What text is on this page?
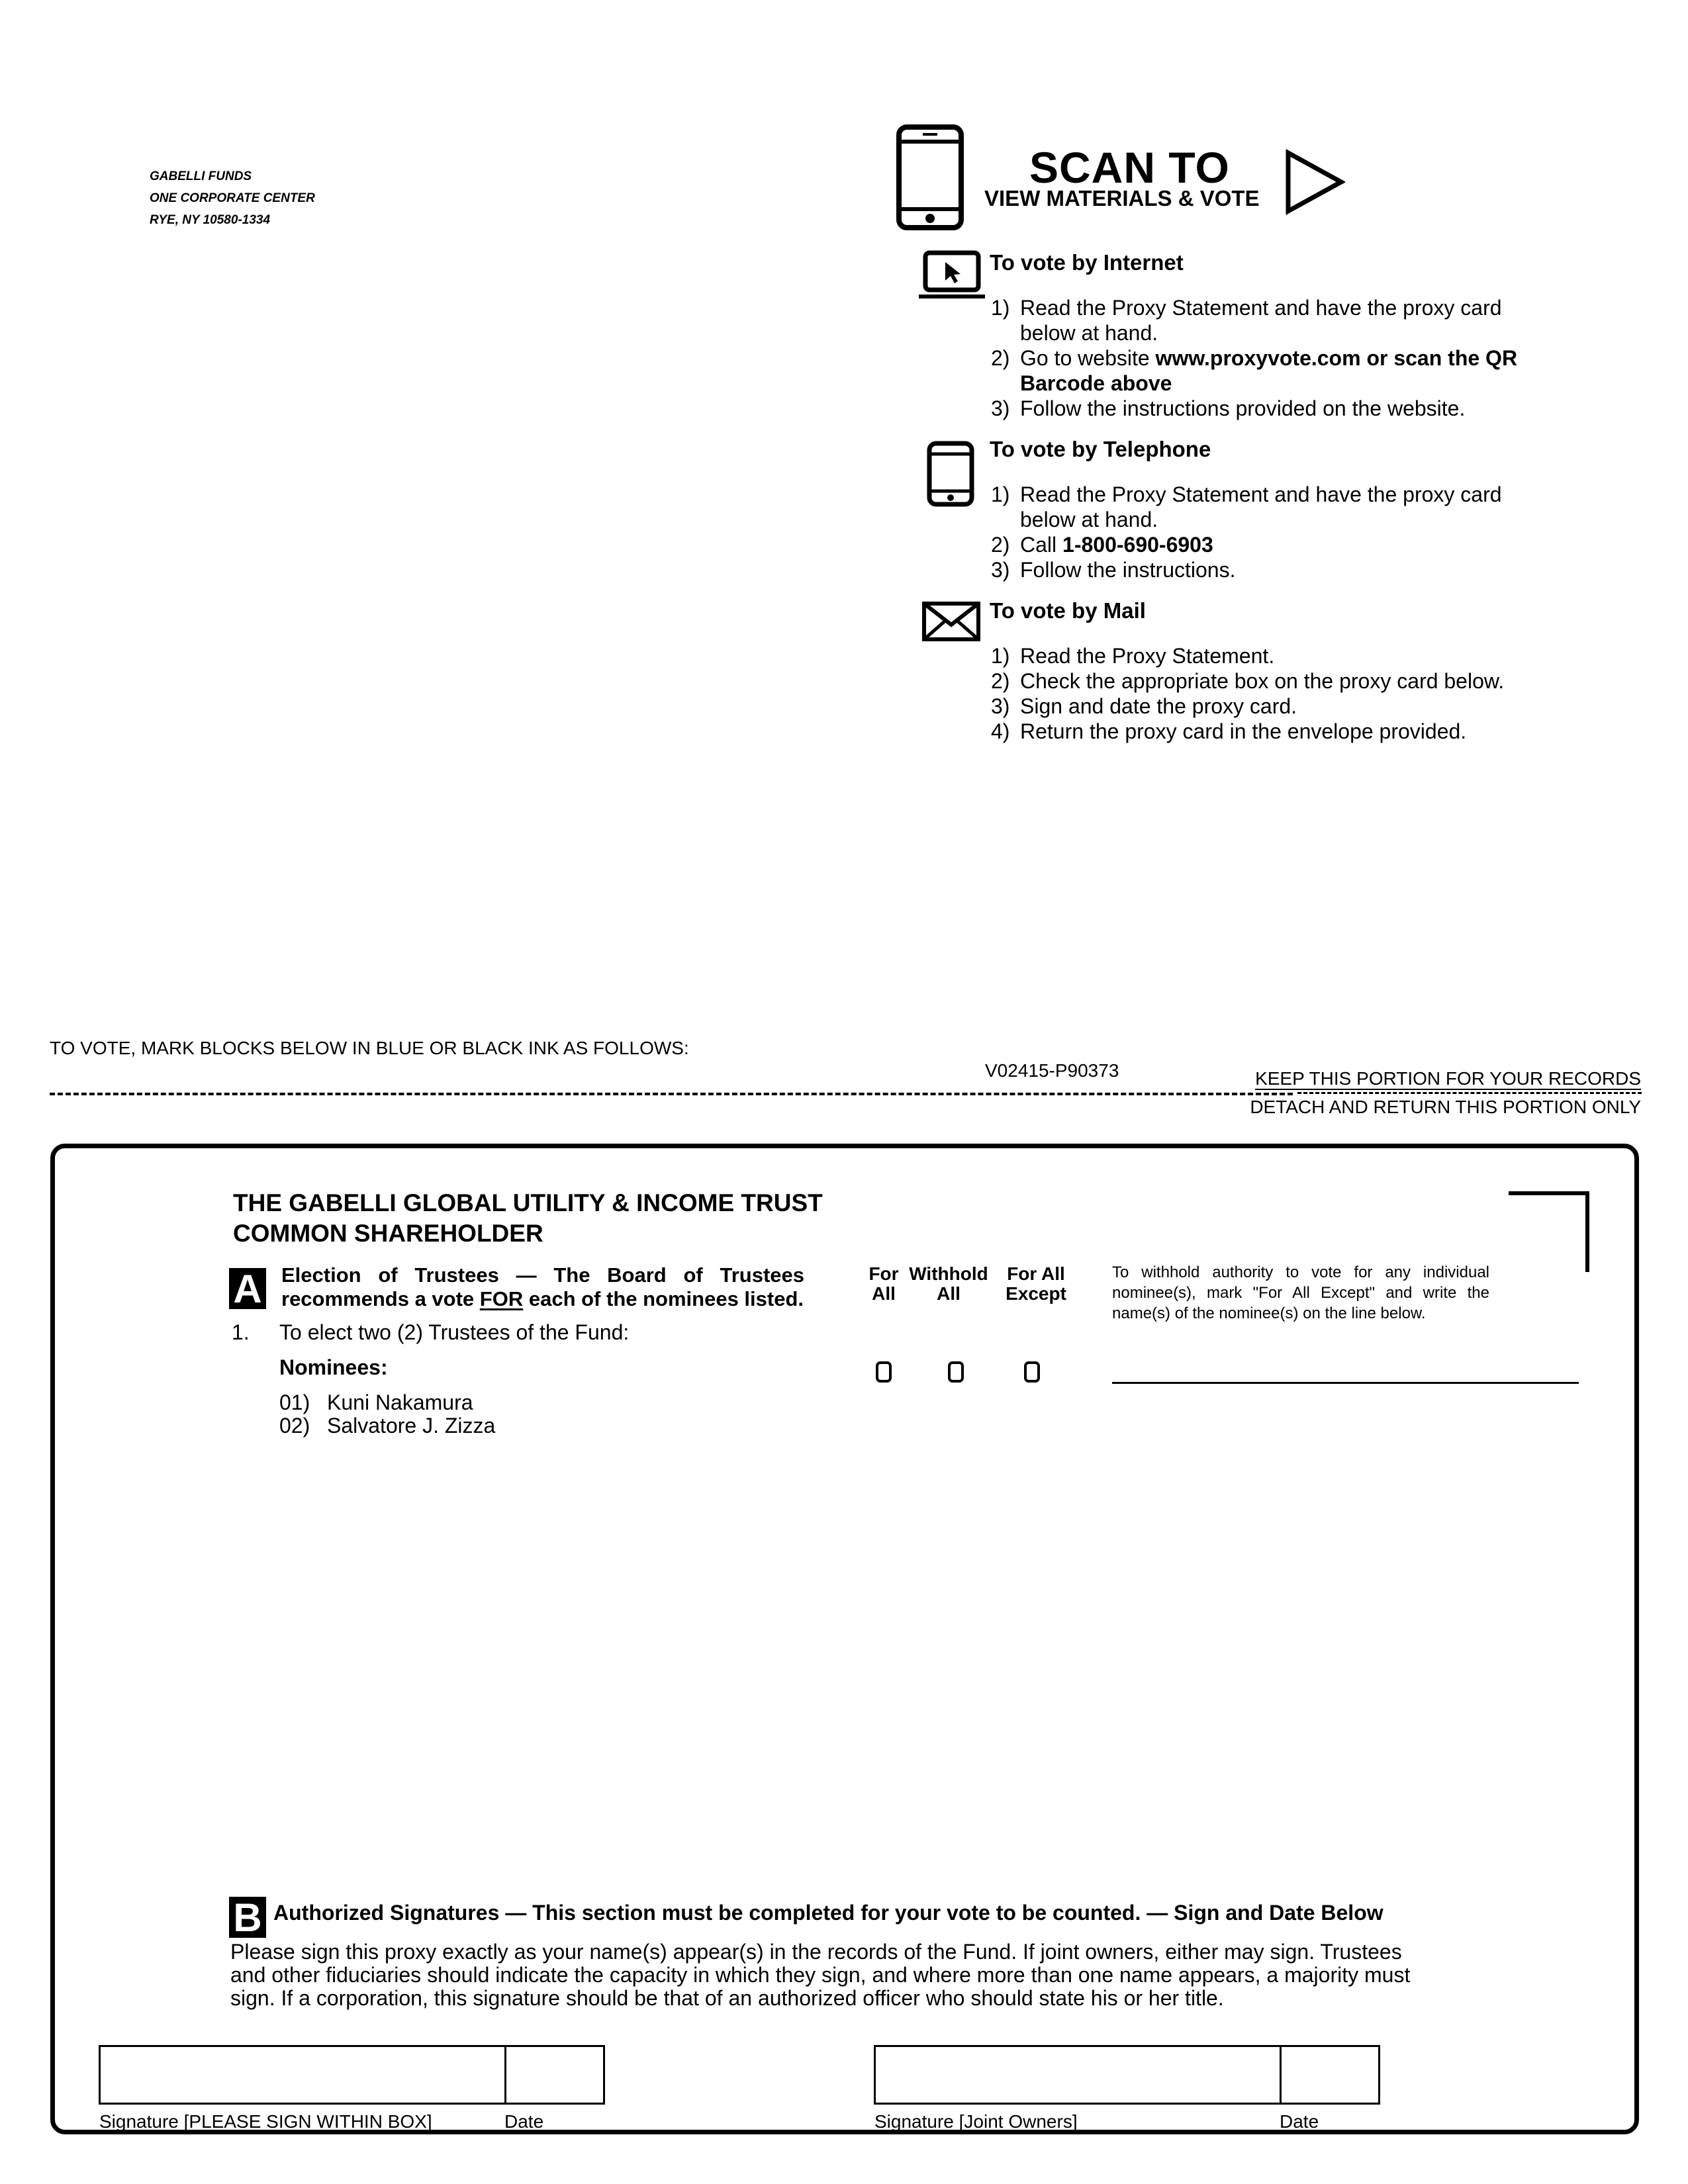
GABELLI FUNDS
ONE CORPORATE CENTER
RYE, NY 10580-1334
SCAN TO
VIEW MATERIALS & VOTE
To vote by Internet
1) Read the Proxy Statement and have the proxy card below at hand.
2) Go to website www.proxyvote.com or scan the QR Barcode above
3) Follow the instructions provided on the website.
To vote by Telephone
1) Read the Proxy Statement and have the proxy card below at hand.
2) Call 1-800-690-6903
3) Follow the instructions.
To vote by Mail
1) Read the Proxy Statement.
2) Check the appropriate box on the proxy card below.
3) Sign and date the proxy card.
4) Return the proxy card in the envelope provided.
TO VOTE, MARK BLOCKS BELOW IN BLUE OR BLACK INK AS FOLLOWS:
V02415-P90373	KEEP THIS PORTION FOR YOUR RECORDS
DETACH AND RETURN THIS PORTION ONLY
THE GABELLI GLOBAL UTILITY & INCOME TRUST
COMMON SHAREHOLDER
A Election of Trustees — The Board of Trustees
recommends a vote FOR each of the nominees listed.
1. To elect two (2) Trustees of the Fund:
Nominees:
01) Kuni Nakamura
02) Salvatore J. Zizza
For
All
Withhold
All
For All
Except
To withhold authority to vote for any individual nominee(s), mark "For All Except" and write the name(s) of the nominee(s) on the line below.
B Authorized Signatures — This section must be completed for your vote to be counted. — Sign and Date Below
Please sign this proxy exactly as your name(s) appear(s) in the records of the Fund. If joint owners, either may sign. Trustees and other fiduciaries should indicate the capacity in which they sign, and where more than one name appears, a majority must sign. If a corporation, this signature should be that of an authorized officer who should state his or her title.
Signature [PLEASE SIGN WITHIN BOX]	Date	Signature [Joint Owners]	Date
